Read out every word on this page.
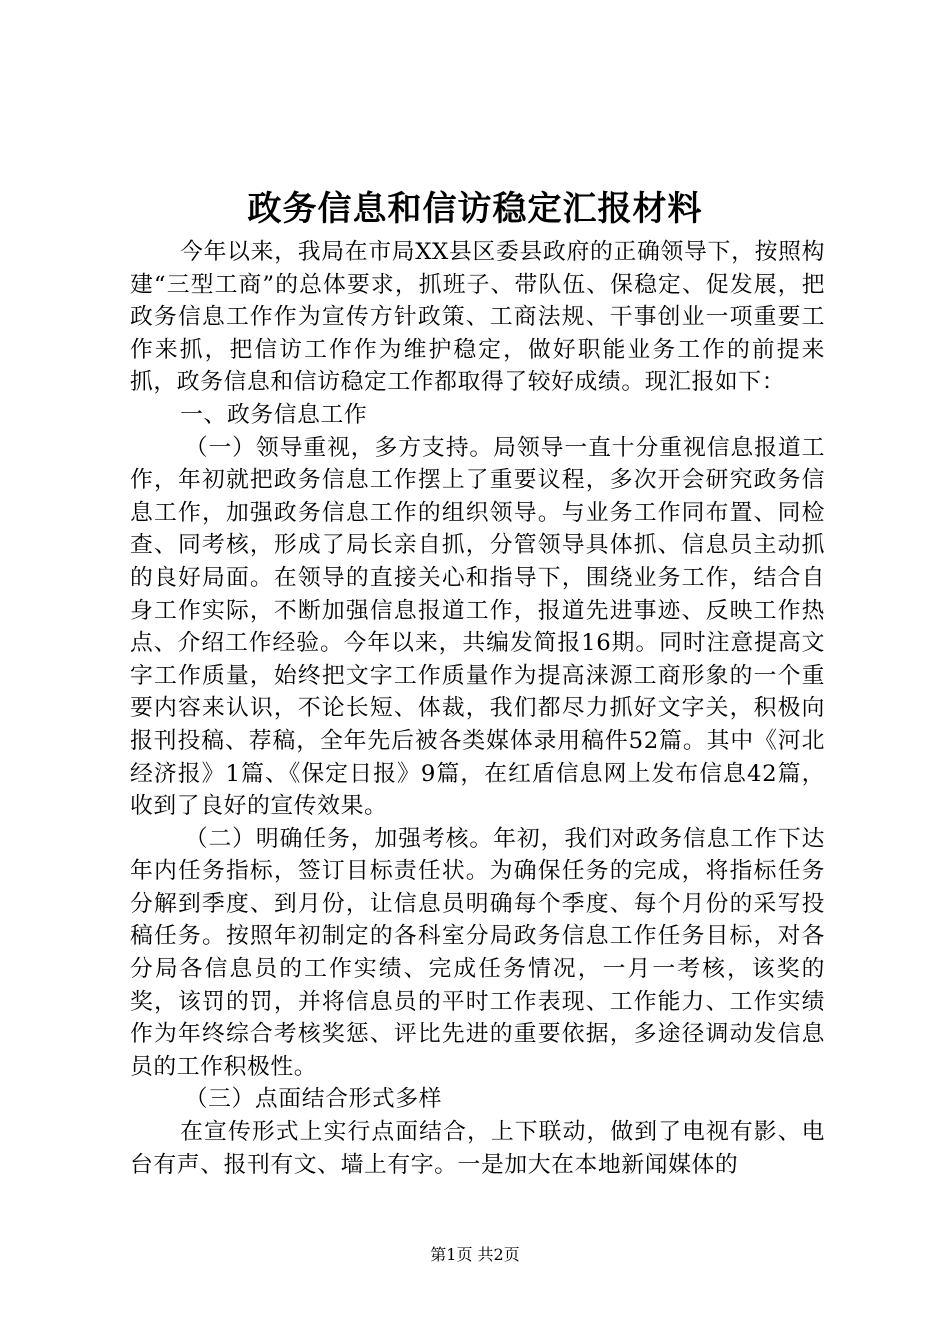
政务信息和信访稳定汇报材料

今年以来，我局在市局XX县区委县政府的正确领导下，按照构建“三型工商”的总体要求，抓班子、带队伍、保稳定、促发展，把政务信息工作作为宣传方针政策、工商法规、干事创业一项重要工作来抓，把信访工作作为维护稳定，做好职能业务工作的前提来抓，政务信息和信访稳定工作都取得了较好成绩。现汇报如下：

一、政务信息工作

（一）领导重视，多方支持。局领导一直十分重视信息报道工作，年初就把政务信息工作摆上了重要议程，多次开会研究政务信息工作，加强政务信息工作的组织领导。与业务工作同布置、同检查、同考核，形成了局长亲自抓，分管领导具体抓、信息员主动抓的良好局面。在领导的直接关心和指导下，围绕业务工作，结合自身工作实际，不断加强信息报道工作，报道先进事迹、反映工作热点、介绍工作经验。今年以来，共编发简报16期。同时注意提高文字工作质量，始终把文字工作质量作为提高涞源工商形象的一个重要内容来认识，不论长短、体裁，我们都尽力抓好文字关，积极向报刊投稿、荐稿，全年先后被各类媒体录用稿件52篇。其中《河北经济报》1篇、《保定日报》9篇，在红盾信息网上发布信息42篇，收到了良好的宣传效果。

（二）明确任务，加强考核。年初，我们对政务信息工作下达年内任务指标，签订目标责任状。为确保任务的完成，将指标任务分解到季度、到月份，让信息员明确每个季度、每个月份的采写投稿任务。按照年初制定的各科室分局政务信息工作任务目标，对各分局各信息员的工作实绩、完成任务情况，一月一考核，该奖的奖，该罚的罚，并将信息员的平时工作表现、工作能力、工作实绩作为年终综合考核奖惩、评比先进的重要依据，多途径调动发信息员的工作积极性。

（三）点面结合形式多样

在宣传形式上实行点面结合，上下联动，做到了电视有影、电台有声、报刊有文、墙上有字。一是加大在本地新闻媒体的

第1页 共2页
